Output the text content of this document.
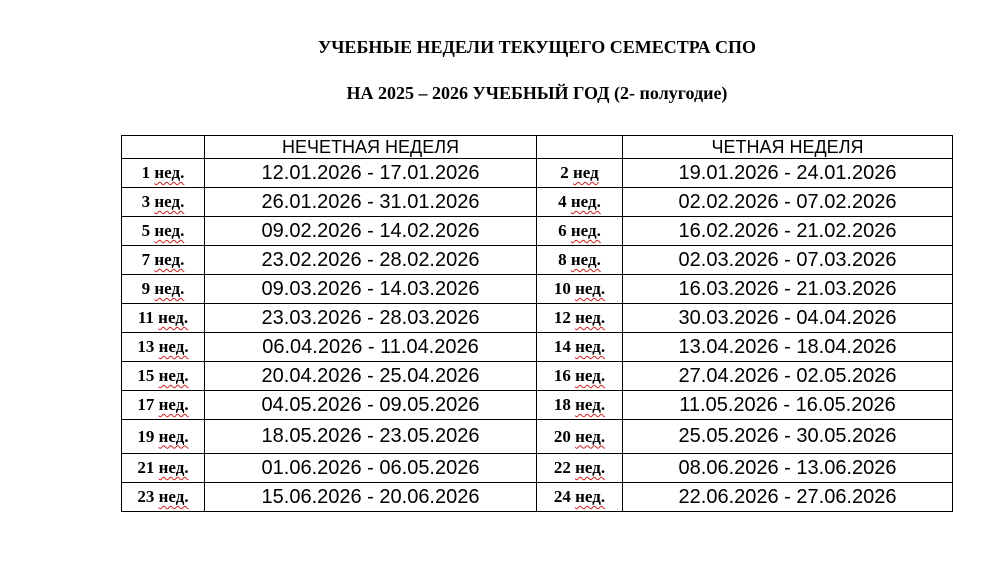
УЧЕБНЫЕ НЕДЕЛИ ТЕКУЩЕГО СЕМЕСТРА СПО
НА 2025 – 2026 УЧЕБНЫЙ ГОД (2- полугодие)
	НЕЧЕТНАЯ НЕДЕЛЯ		ЧЕТНАЯ НЕДЕЛЯ
1 нед.	12.01.2026 - 17.01.2026	2 нед	19.01.2026 - 24.01.2026
3 нед.	26.01.2026 - 31.01.2026	4 нед.	02.02.2026 - 07.02.2026
5 нед.	09.02.2026 - 14.02.2026	6 нед.	16.02.2026 - 21.02.2026
7 нед.	23.02.2026 - 28.02.2026	8 нед.	02.03.2026 - 07.03.2026
9 нед.	09.03.2026 - 14.03.2026	10 нед.	16.03.2026 - 21.03.2026
11 нед.	23.03.2026 - 28.03.2026	12 нед.	30.03.2026 - 04.04.2026
13 нед.	06.04.2026 - 11.04.2026	14 нед.	13.04.2026 - 18.04.2026
15 нед.	20.04.2026 - 25.04.2026	16 нед.	27.04.2026 - 02.05.2026
17 нед.	04.05.2026 - 09.05.2026	18 нед.	11.05.2026 - 16.05.2026
19 нед.	18.05.2026 - 23.05.2026	20 нед.	25.05.2026 - 30.05.2026
21 нед.	01.06.2026 - 06.05.2026	22 нед.	08.06.2026 - 13.06.2026
23 нед.	15.06.2026 - 20.06.2026	24 нед.	22.06.2026 - 27.06.2026
